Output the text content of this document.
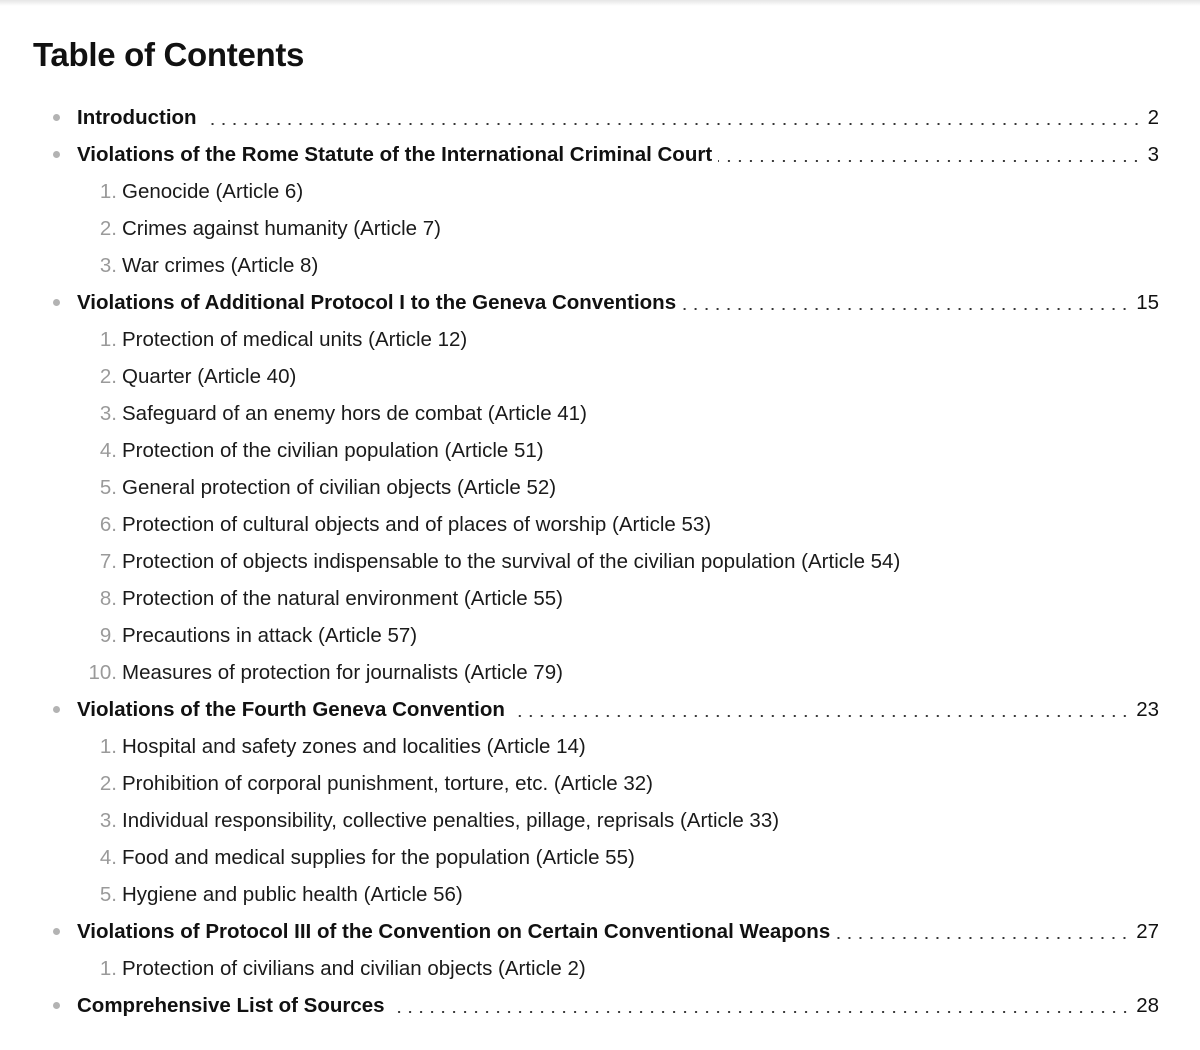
Table of Contents
Introduction	2
Violations of the Rome Statute of the International Criminal Court	3
1. Genocide (Article 6)
2. Crimes against humanity (Article 7)
3. War crimes (Article 8)
Violations of Additional Protocol I to the Geneva Conventions	15
1. Protection of medical units (Article 12)
2. Quarter (Article 40)
3. Safeguard of an enemy hors de combat (Article 41)
4. Protection of the civilian population (Article 51)
5. General protection of civilian objects (Article 52)
6. Protection of cultural objects and of places of worship (Article 53)
7. Protection of objects indispensable to the survival of the civilian population (Article 54)
8. Protection of the natural environment (Article 55)
9. Precautions in attack (Article 57)
10. Measures of protection for journalists (Article 79)
Violations of the Fourth Geneva Convention	23
1. Hospital and safety zones and localities (Article 14)
2. Prohibition of corporal punishment, torture, etc. (Article 32)
3. Individual responsibility, collective penalties, pillage, reprisals (Article 33)
4. Food and medical supplies for the population (Article 55)
5. Hygiene and public health (Article 56)
Violations of Protocol III of the Convention on Certain Conventional Weapons	27
1. Protection of civilians and civilian objects (Article 2)
Comprehensive List of Sources	28
